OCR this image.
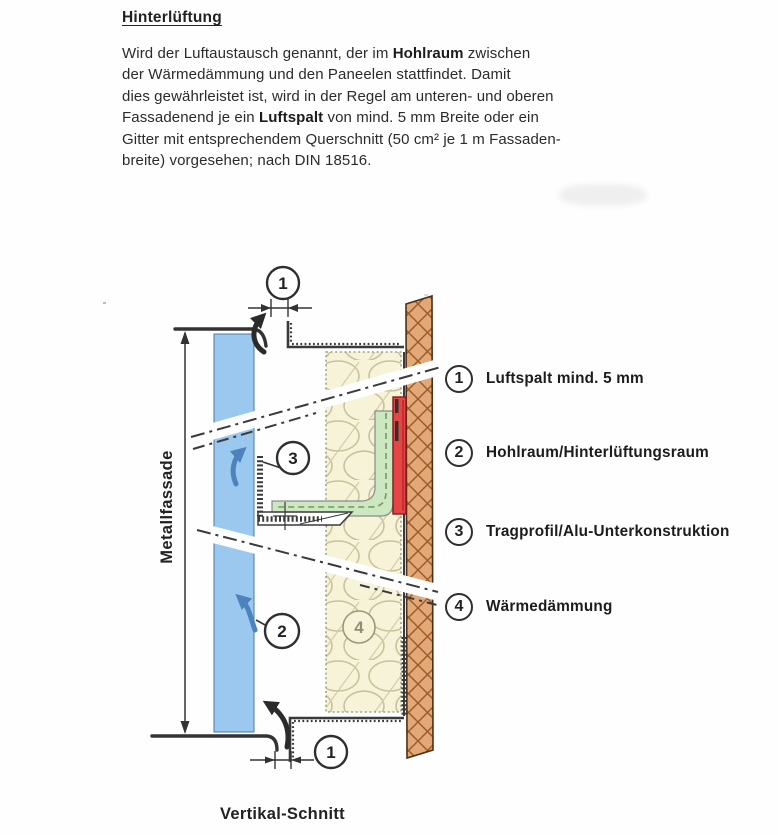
Hinterlüftung
Wird der Luftaustausch genannt, der im Hohlraum zwischen
der Wärmedämmung und den Paneelen stattfindet. Damit
dies gewährleistet ist, wird in der Regel am unteren- und oberen
Fassadenend je ein Luftspalt von mind. 5 mm Breite oder ein
Gitter mit entsprechendem Querschnitt (50 cm² je 1 m Fassaden-
breite) vorgesehen; nach DIN 18516.
1
3
2	4
1
Metallfassade
1	Luftspalt mind. 5 mm
2	Hohlraum/Hinterlüftungsraum
3	Tragprofil/Alu-Unterkonstruktion
4	Wärmedämmung
Vertikal-Schnitt
